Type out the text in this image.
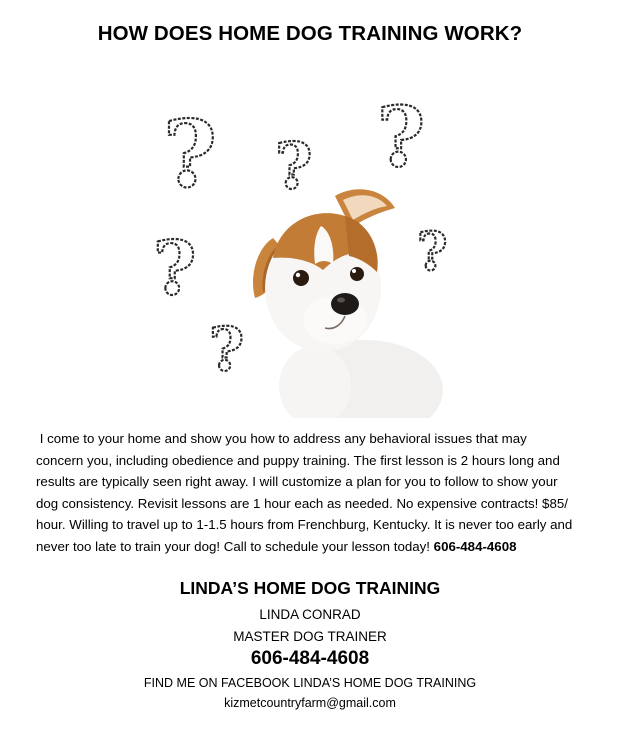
HOW DOES HOME DOG TRAINING WORK?
? ? ?
?	?
?
I come to your home and show you how to address any behavioral issues that may concern you, including obedience and puppy training. The first lesson is 2 hours long and results are typically seen right away. I will customize a plan for you to follow to show your dog consistency. Revisit lessons are 1 hour each as needed. No expensive contracts! $85/ hour. Willing to travel up to 1-1.5 hours from Frenchburg, Kentucky. It is never too early and never too late to train your dog! Call to schedule your lesson today! 606-484-4608
LINDA’S HOME DOG TRAINING
LINDA CONRAD
MASTER DOG TRAINER
606-484-4608
FIND ME ON FACEBOOK LINDA’S HOME DOG TRAINING
kizmetcountryfarm@gmail.com
